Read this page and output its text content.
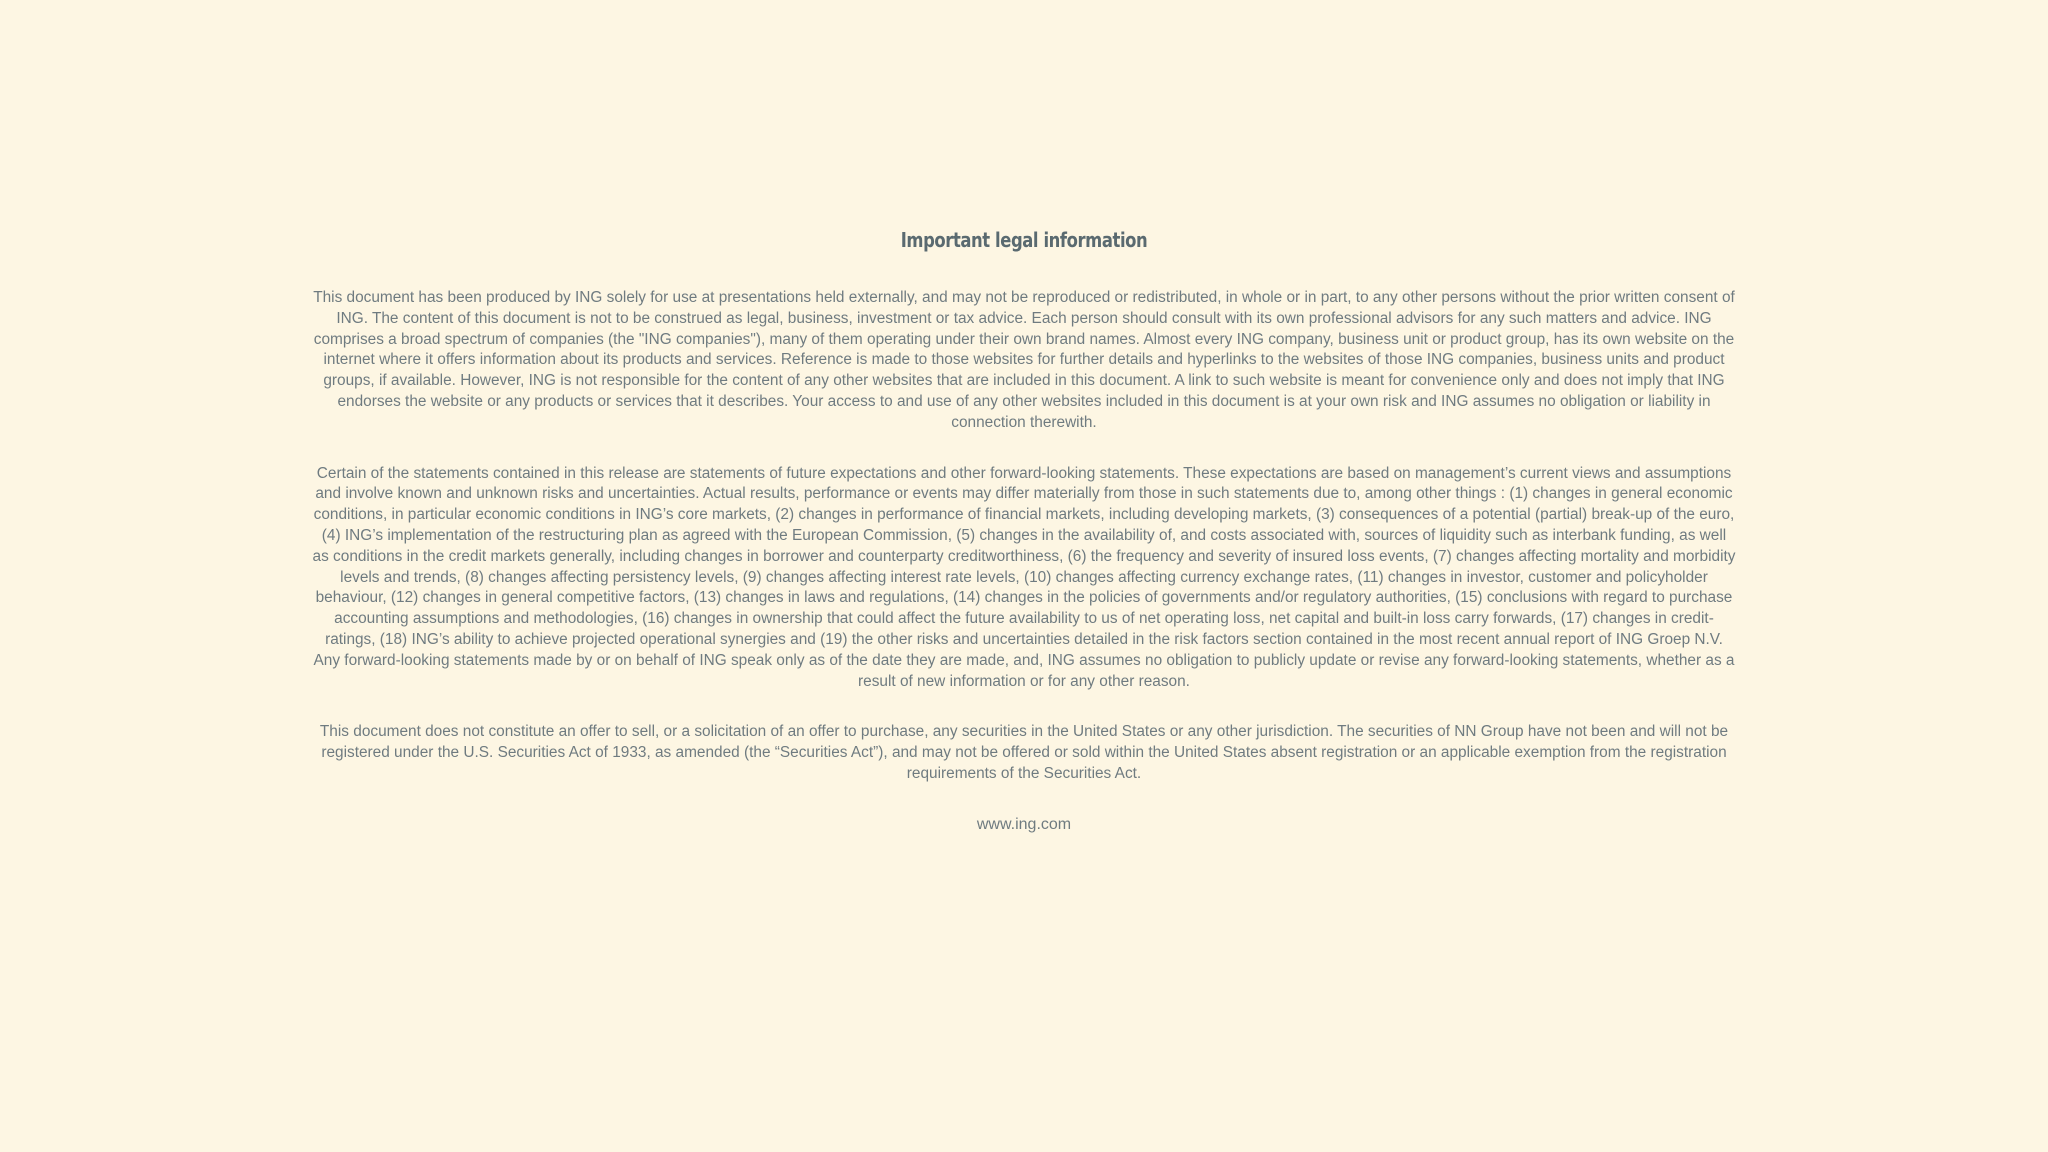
Important legal information

This document has been produced by ING solely for use at presentations held externally, and may not be reproduced or redistributed, in whole or in part, to any other persons without the prior written consent of ING. The content of this document is not to be construed as legal, business, investment or tax advice. Each person should consult with its own professional advisors for any such matters and advice. ING comprises a broad spectrum of companies (the "ING companies"), many of them operating under their own brand names. Almost every ING company, business unit or product group, has its own website on the internet where it offers information about its products and services. Reference is made to those websites for further details and hyperlinks to the websites of those ING companies, business units and product groups, if available. However, ING is not responsible for the content of any other websites that are included in this document. A link to such website is meant for convenience only and does not imply that ING endorses the website or any products or services that it describes. Your access to and use of any other websites included in this document is at your own risk and ING assumes no obligation or liability in connection therewith.

Certain of the statements contained in this release are statements of future expectations and other forward-looking statements. These expectations are based on management’s current views and assumptions and involve known and unknown risks and uncertainties. Actual results, performance or events may differ materially from those in such statements due to, among other things : (1) changes in general economic conditions, in particular economic conditions in ING’s core markets, (2) changes in performance of financial markets, including developing markets, (3) consequences of a potential (partial) break-up of the euro, (4) ING’s implementation of the restructuring plan as agreed with the European Commission, (5) changes in the availability of, and costs associated with, sources of liquidity such as interbank funding, as well as conditions in the credit markets generally, including changes in borrower and counterparty creditworthiness, (6) the frequency and severity of insured loss events, (7) changes affecting mortality and morbidity levels and trends, (8) changes affecting persistency levels, (9) changes affecting interest rate levels, (10) changes affecting currency exchange rates, (11) changes in investor, customer and policyholder behaviour, (12) changes in general competitive factors, (13) changes in laws and regulations, (14) changes in the policies of governments and/or regulatory authorities, (15) conclusions with regard to purchase accounting assumptions and methodologies, (16) changes in ownership that could affect the future availability to us of net operating loss, net capital and built-in loss carry forwards, (17) changes in credit-ratings, (18) ING’s ability to achieve projected operational synergies and (19) the other risks and uncertainties detailed in the risk factors section contained in the most recent annual report of ING Groep N.V. Any forward-looking statements made by or on behalf of ING speak only as of the date they are made, and, ING assumes no obligation to publicly update or revise any forward-looking statements, whether as a result of new information or for any other reason.

This document does not constitute an offer to sell, or a solicitation of an offer to purchase, any securities in the United States or any other jurisdiction. The securities of NN Group have not been and will not be registered under the U.S. Securities Act of 1933, as amended (the “Securities Act”), and may not be offered or sold within the United States absent registration or an applicable exemption from the registration requirements of the Securities Act.

www.ing.com
